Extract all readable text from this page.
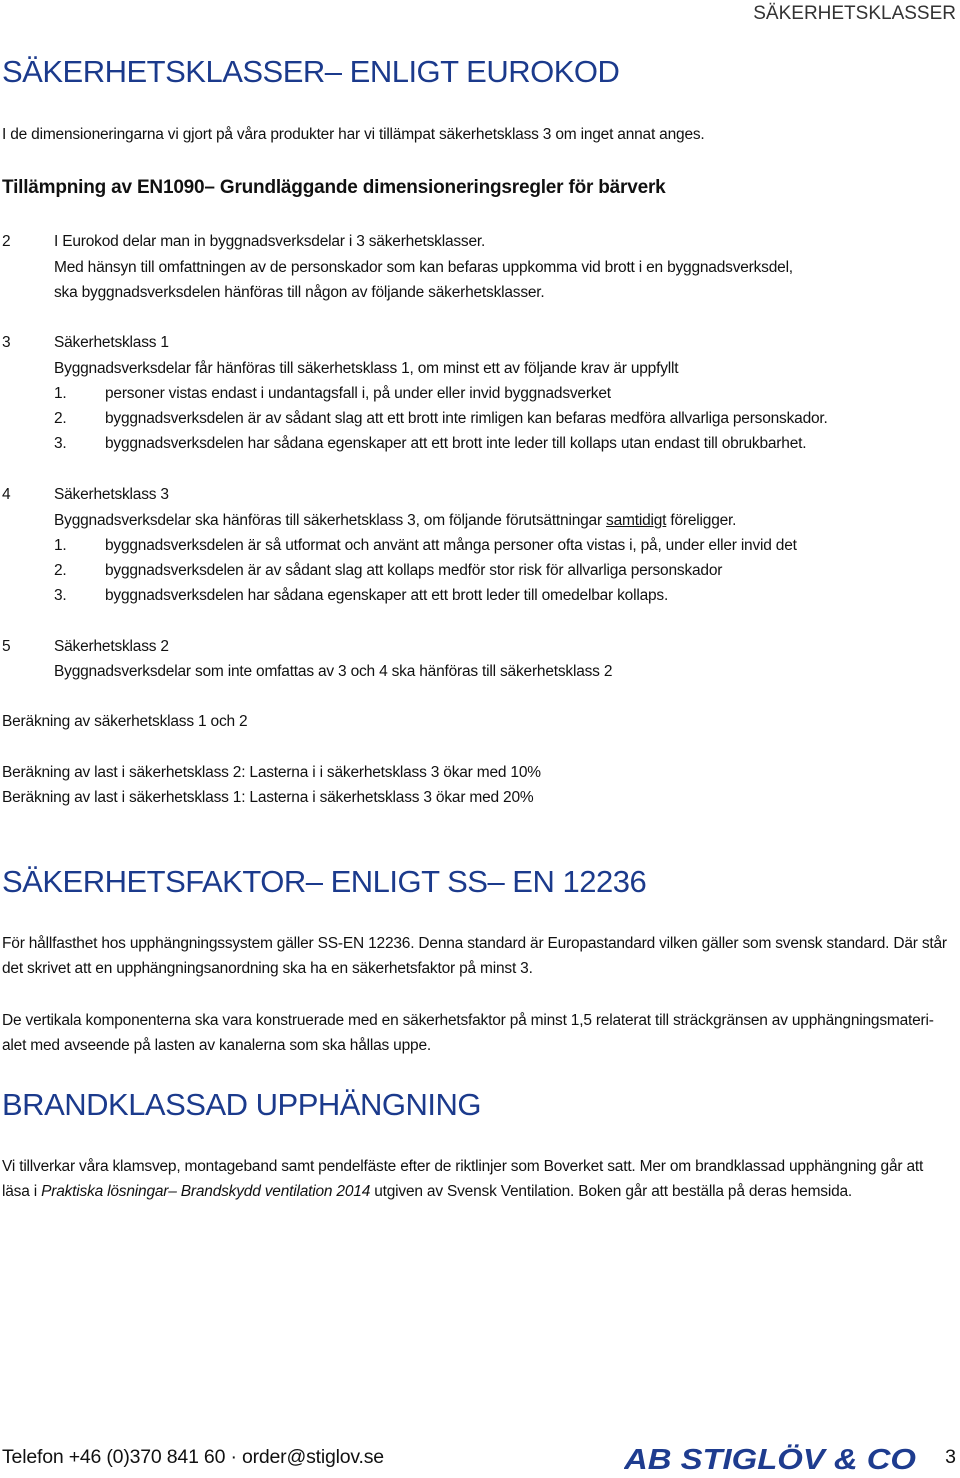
SÄKERHETSKLASSER
SÄKERHETSKLASSER– ENLIGT EUROKOD
I de dimensioneringarna vi gjort på våra produkter har vi tillämpat säkerhetsklass 3 om inget annat anges.
Tillämpning av EN1090– Grundläggande dimensioneringsregler för bärverk
2	I Eurokod delar man in byggnadsverksdelar i 3 säkerhetsklasser.
Med hänsyn till omfattningen av de personskador som kan befaras uppkomma vid brott i en byggnadsverksdel,
ska byggnadsverksdelen hänföras till någon av följande säkerhetsklasser.
3	Säkerhetsklass 1
Byggnadsverksdelar får hänföras till säkerhetsklass 1, om minst ett av följande krav är uppfyllt
1. personer vistas endast i undantagsfall i, på under eller invid byggnadsverket
2. byggnadsverksdelen är av sådant slag att ett brott inte rimligen kan befaras medföra allvarliga personskador.
3. byggnadsverksdelen har sådana egenskaper att ett brott inte leder till kollaps utan endast till obrukbarhet.
4	Säkerhetsklass 3
Byggnadsverksdelar ska hänföras till säkerhetsklass 3, om följande förutsättningar samtidigt föreligger.
1. byggnadsverksdelen är så utformat och använt att många personer ofta vistas i, på, under eller invid det
2. byggnadsverksdelen är av sådant slag att kollaps medför stor risk för allvarliga personskador
3. byggnadsverksdelen har sådana egenskaper att ett brott leder till omedelbar kollaps.
5	Säkerhetsklass 2
Byggnadsverksdelar som inte omfattas av 3 och 4 ska hänföras till säkerhetsklass 2
Beräkning av säkerhetsklass 1 och 2
Beräkning av last i säkerhetsklass 2: Lasterna i i säkerhetsklass 3 ökar med 10%
Beräkning av last i säkerhetsklass 1: Lasterna i säkerhetsklass 3 ökar med 20%
SÄKERHETSFAKTOR– ENLIGT SS– EN 12236
För hållfasthet hos upphängningssystem gäller SS-EN 12236. Denna standard är Europastandard vilken gäller som svensk standard. Där står
det skrivet att en upphängningsanordning ska ha en säkerhetsfaktor på minst 3.
De vertikala komponenterna ska vara konstruerade med en säkerhetsfaktor på minst 1,5 relaterat till sträckgränsen av upphängningsmateri-
alet med avseende på lasten av kanalerna som ska hållas uppe.
BRANDKLASSAD UPPHÄNGNING
Vi tillverkar våra klamsvep, montageband samt pendelfäste efter de riktlinjer som Boverket satt. Mer om brandklassad upphängning går att
läsa i Praktiska lösningar– Brandskydd ventilation 2014 utgiven av Svensk Ventilation. Boken går att beställa på deras hemsida.
Telefon +46 (0)370 841 60 · order@stiglov.se	AB STIGLÖV & CO	3
